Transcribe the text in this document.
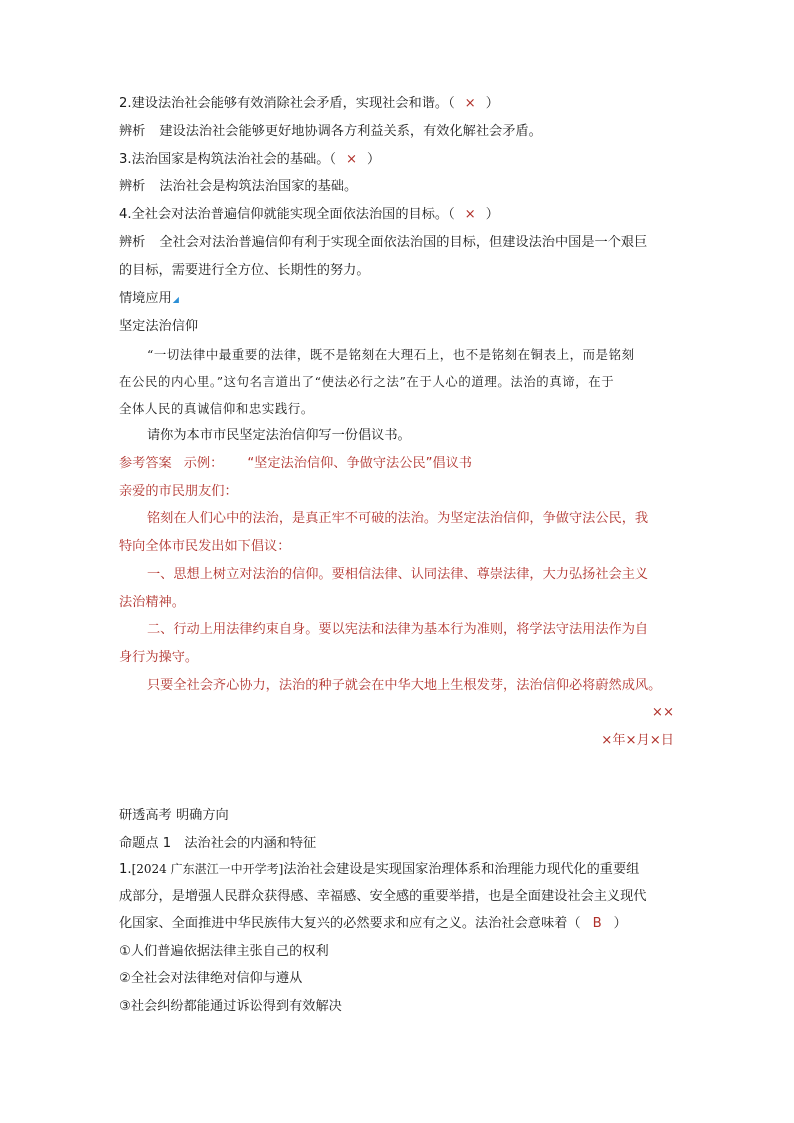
2.建设法治社会能够有效消除社会矛盾，实现社会和谐。（ × ）
辨析 建设法治社会能够更好地协调各方利益关系，有效化解社会矛盾。
3.法治国家是构筑法治社会的基础。（ × ）
辨析 法治社会是构筑法治国家的基础。
4.全社会对法治普遍信仰就能实现全面依法治国的目标。（ × ）
辨析 全社会对法治普遍信仰有利于实现全面依法治国的目标，但建设法治中国是一个艰巨
的目标，需要进行全方位、长期性的努力。
情境应用◢
坚定法治信仰
“一切法律中最重要的法律，既不是铭刻在大理石上，也不是铭刻在铜表上，而是铭刻
在公民的内心里。”这句名言道出了“使法必行之法”在于人心的道理。法治的真谛，在于
全体人民的真诚信仰和忠实践行。
请你为本市市民坚定法治信仰写一份倡议书。
参考答案 示例： “坚定法治信仰、争做守法公民”倡议书
亲爱的市民朋友们：
铭刻在人们心中的法治，是真正牢不可破的法治。为坚定法治信仰，争做守法公民，我
特向全体市民发出如下倡议：
一、思想上树立对法治的信仰。要相信法律、认同法律、尊崇法律，大力弘扬社会主义
法治精神。
二、行动上用法律约束自身。要以宪法和法律为基本行为准则，将学法守法用法作为自
身行为操守。
只要全社会齐心协力，法治的种子就会在中华大地上生根发芽，法治信仰必将蔚然成风。
××
×年×月×日
研透高考 明确方向
命题点 1　法治社会的内涵和特征
1.[2024 广东湛江一中开学考]法治社会建设是实现国家治理体系和治理能力现代化的重要组
成部分，是增强人民群众获得感、幸福感、安全感的重要举措，也是全面建设社会主义现代
化国家、全面推进中华民族伟大复兴的必然要求和应有之义。法治社会意味着（ B ）
①人们普遍依据法律主张自己的权利
②全社会对法律绝对信仰与遵从
③社会纠纷都能通过诉讼得到有效解决
